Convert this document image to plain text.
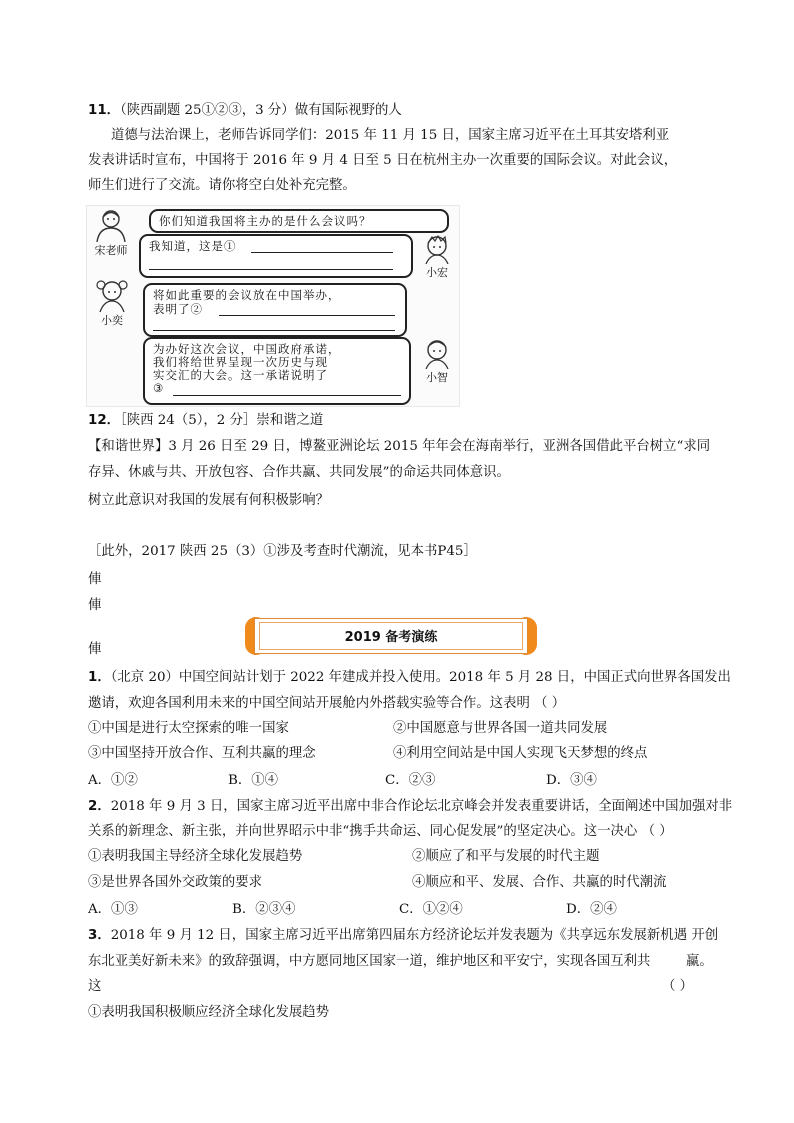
11．（陕西副题 25①②③，3 分）做有国际视野的人
道德与法治课上，老师告诉同学们：2015 年 11 月 15 日，国家主席习近平在土耳其安塔利亚
发表讲话时宣布，中国将于 2016 年 9 月 4 日至 5 日在杭州主办一次重要的国际会议。对此会议，
师生们进行了交流。请你将空白处补充完整。
宋老师
你们知道我国将主办的是什么会议吗？
我知道，这是①
小宏
小奕
将如此重要的会议放在中国举办，
表明了②
为办好这次会议，中国政府承诺，
我们将给世界呈现一次历史与现
实交汇的大会。这一承诺说明了
③
小智
12．［陕西 24（5），2 分］崇和谐之道
【和谐世界】3 月 26 日至 29 日，博鳌亚洲论坛 2015 年年会在海南举行，亚洲各国借此平台树立“求同
存异、休戚与共、开放包容、合作共赢、共同发展”的命运共同体意识。
树立此意识对我国的发展有何积极影响？
［此外，2017 陕西 25（3）①涉及考查时代潮流，见本书P45］
俥
俥
俥
2019 备考演练
1．（北京 20）中国空间站计划于 2022 年建成并投入使用。2018 年 5 月 28 日，中国正式向世界各国发出
邀请，欢迎各国利用未来的中国空间站开展舱内外搭载实验等合作。这表明 （ ）
①中国是进行太空探索的唯一国家	②中国愿意与世界各国一道共同发展
③中国坚持开放合作、互利共赢的理念	④利用空间站是中国人实现飞天梦想的终点
A．①②	B．①④	C．②③	D．③④
2．2018 年 9 月 3 日，国家主席习近平出席中非合作论坛北京峰会并发表重要讲话，全面阐述中国加强对非
关系的新理念、新主张，并向世界昭示中非“携手共命运、同心促发展”的坚定决心。这一决心 （ ）
①表明我国主导经济全球化发展趋势	②顺应了和平与发展的时代主题
③是世界各国外交政策的要求	④顺应和平、发展、合作、共赢的时代潮流
A．①③	B．②③④	C．①②④	D．②④
3．2018 年 9 月 12 日，国家主席习近平出席第四届东方经济论坛并发表题为《共享远东发展新机遇 开创
东北亚美好新未来》的致辞强调，中方愿同地区国家一道，维护地区和平安宁，实现各国互利共	赢。
这	（ ）
①表明我国积极顺应经济全球化发展趋势
